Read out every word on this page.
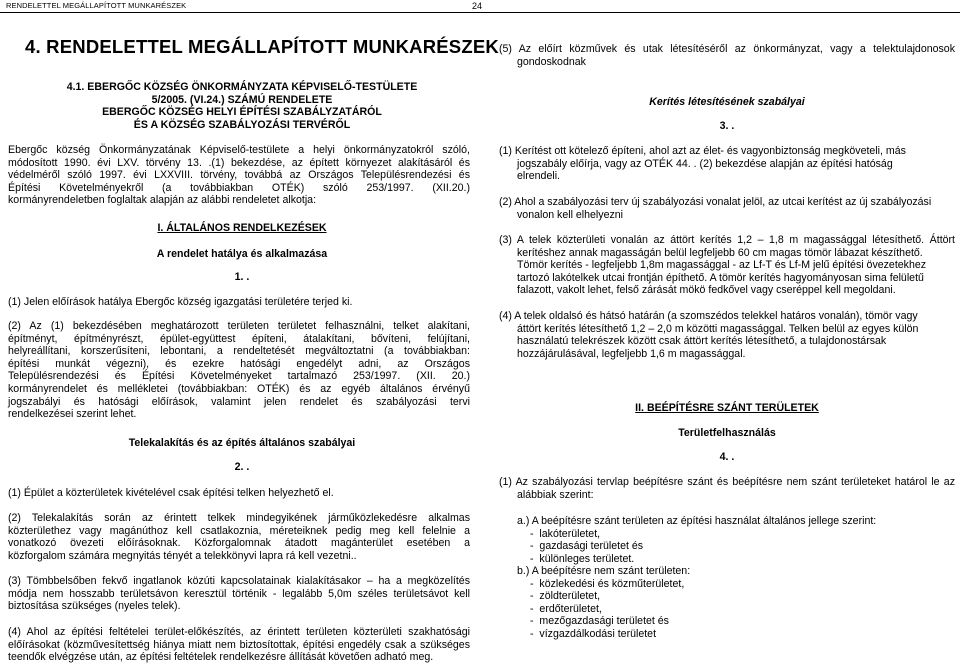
RENDELETTEL MEGÁLLAPÍTOTT MUNKARÉSZEK	24
4. RENDELETTEL MEGÁLLAPÍTOTT MUNKARÉSZEK
4.1. EBERGŐC KÖZSÉG ÖNKORMÁNYZATA KÉPVISELŐ-TESTÜLETE
5/2005. (VI.24.) SZÁMÚ RENDELETE
EBERGŐC KÖZSÉG HELYI ÉPÍTÉSI SZABÁLYZATÁRÓL
ÉS A KÖZSÉG SZABÁLYOZÁSI TERVÉRŐL
Ebergőc község Önkormányzatának Képviselő-testülete a helyi önkormányzatokról szóló,
módosított 1990. évi LXV. törvény 13. .(1) bekezdése, az épített környezet alakításáról és
védelméről szóló 1997. évi LXXVIII. törvény, továbbá az Országos Településrendezési és
Építési Követelményekről (a továbbiakban OTÉK) szóló 253/1997. (XII.20.)
kormányrendeletben foglaltak alapján az alábbi rendeletet alkotja:
I. ÁLTALÁNOS RENDELKEZÉSEK
A rendelet hatálya és alkalmazása
1. .
(1) Jelen előírások hatálya Ebergőc község igazgatási területére terjed ki.
(2) Az (1) bekezdésében meghatározott területen területet felhasználni, telket alakítani,
építményt, építményrészt, épület-együttest építeni, átalakítani, bővíteni, felújítani,
helyreállítani, korszerűsíteni, lebontani, a rendeltetését megváltoztatni (a továbbiakban:
építési munkát végezni), és ezekre hatósági engedélyt adni, az Országos
Településrendezési és Építési Követelményeket tartalmazó 253/1997. (XII. 20.)
kormányrendelet és mellékletei (továbbiakban: OTÉK) és az egyéb általános érvényű
jogszabályi és hatósági előírások, valamint jelen rendelet és szabályozási tervi
rendelkezései szerint lehet.
Telekalakítás és az építés általános szabályai
2. .
(1) Épület a közterületek kivételével csak építési telken helyezhető el.
(2) Telekalakítás során az érintett telkek mindegyikének járműközlekedésre alkalmas
közterülethez vagy magánúthoz kell csatlakoznia, méreteiknek pedig meg kell felelnie a
vonatkozó övezeti előírásoknak. Közforgalomnak átadott magánterület esetében a
közforgalom számára megnyitás tényét a telekkönyvi lapra rá kell vezetni..
(3) Tömbbelsőben fekvő ingatlanok közúti kapcsolatainak kialakításakor – ha a megközelítés
módja nem hosszabb területsávon keresztül történik - legalább 5,0m széles területsávot kell
biztosítása szükséges (nyeles telek).
(4) Ahol az építési feltételei terület-előkészítés, az érintett területen közterületi szakhatósági
előírásokat (közművesítettség hiánya miatt nem biztosítottak, építési engedély csak a szükséges
teendők elvégzése után, az építési feltételek rendelkezésre állítását követően adható meg.
(5) Az előírt közművek és utak létesítéséről az önkormányzat, vagy a telektulajdonosok
gondoskodnak
Kerítés létesítésének szabályai
3. .
(1) Kerítést ott kötelező építeni, ahol azt az élet- és vagyonbiztonság megköveteli, más
jogszabály előírja, vagy az OTÉK 44. . (2) bekezdése alapján az építési hatóság
elrendeli.
(2) Ahol a szabályozási terv új szabályozási vonalat jelöl, az utcai kerítést az új szabályozási
vonalon kell elhelyezni
(3) A telek közterületi vonalán az áttört kerítés 1,2 – 1,8 m magassággal létesíthető. Áttört
kerítéshez annak magasságán belül legfeljebb 60 cm magas tömör lábazat készíthető.
Tömör kerítés - legfeljebb 1,8m magassággal - az Lf-T és Lf-M jelű építési övezetekhez
tartozó lakótelkek utcai frontján építhető. A tömör kerítés hagyományosan sima felületű
falazott, vakolt lehet, felső zárását mökö fedkővel vagy cseréppel kell megoldani.
(4) A telek oldalsó és hátsó határán (a szomszédos telekkel határos vonalán), tömör vagy
áttört kerítés létesíthető 1,2 – 2,0 m közötti magassággal. Telken belül az egyes külön
használatú telekrészek között csak áttört kerítés létesíthető, a tulajdonostársak
hozzájárulásával, legfeljebb 1,6 m magassággal.
II. BEÉPÍTÉSRE SZÁNT TERÜLETEK
Területfelhasználás
4. .
(1) Az szabályozási tervlap beépítésre szánt és beépítésre nem szánt területeket határol le az
alábbiak szerint:
a.) A beépítésre szánt területen az építési használat általános jellege szerint:
-  lakóterületet,
-  gazdasági területet és
-  különleges területet.
b.) A beépítésre nem szánt területen:
-  közlekedési és közműterületet,
-  zöldterületet,
-  erdőterületet,
-  mezőgazdasági területet és
-  vízgazdálkodási területet
